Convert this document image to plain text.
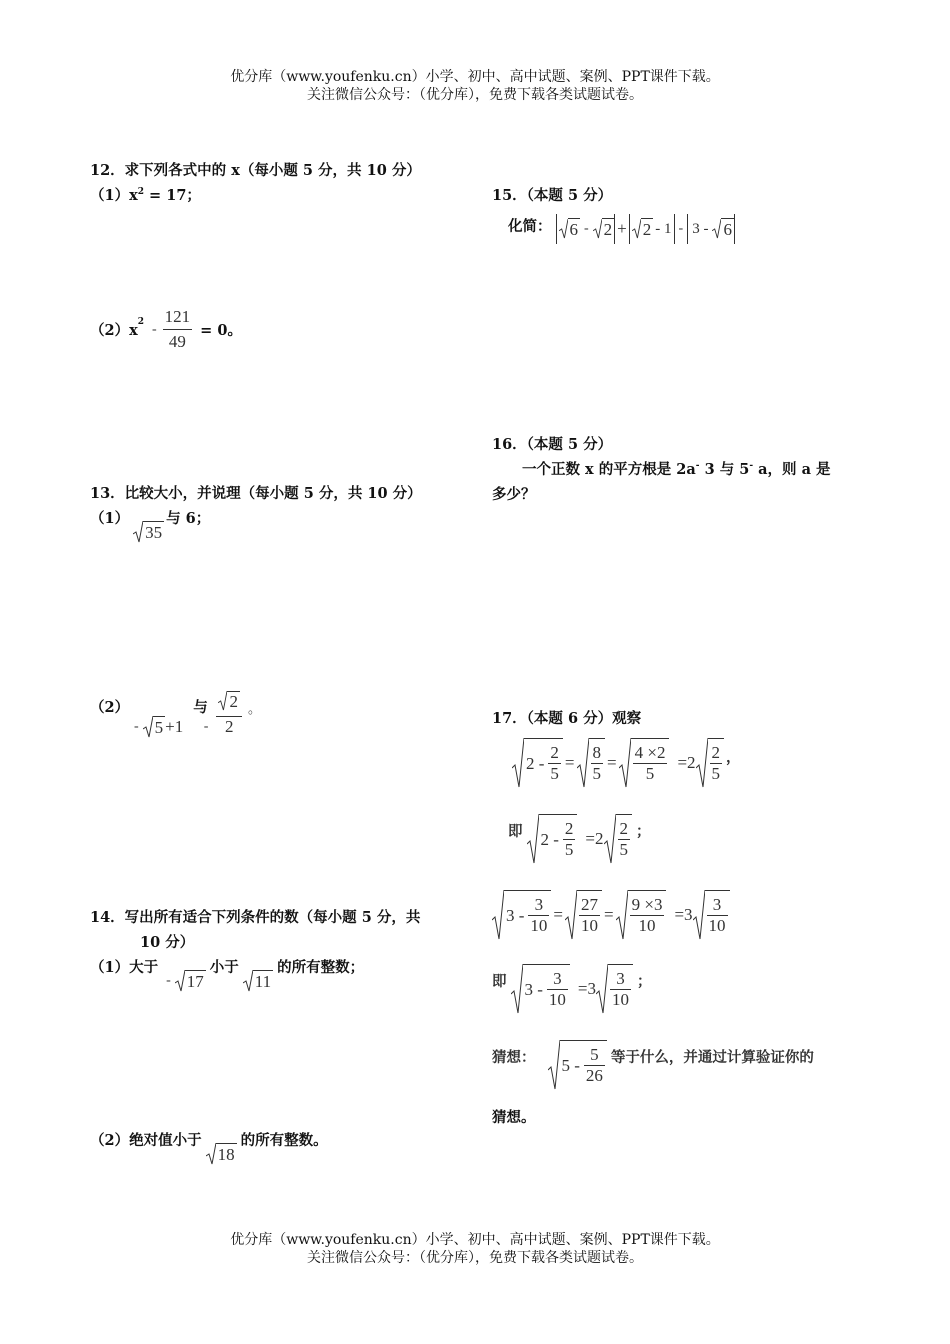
优分库（www.youfenku.cn）小学、初中、高中试题、案例、PPT课件下载。
关注微信公众号：（优分库），免费下载各类试题试卷。
12．求下列各式中的 x（每小题 5 分，共 10 分）
$(1)x^2 = 17$；
$(2)x^2 - \frac{121}{49} = 0$。
13．比较大小，并说理（每小题 5 分，共 10 分）
（1）
35
与 6；
（2）
- 5 +1
与
- $\frac{2}{2}$ 。
14．写出所有适合下列条件的数（每小题 5 分，共
10 分）
（1）大于
- 17
小于
11
的所有整数；
（2）绝对值小于
18
的所有整数。
15．（本题 5 分）
化简： 6 - 2 + 2 - 1 - 3 - 6
16．（本题 5 分）
一个正数 x 的平方根是 2a- 3 与 5- a，则 a 是
多少？
17．（本题 6 分）观察
$2 - \frac{2}{5} = \frac{8}{5} = \frac{4 \times 2}{5} =2 \frac{2}{5}$ ，
即 $2 - \frac{2}{5} =2 \frac{2}{5}$ ；
$3 - \frac{3}{10} = \frac{27}{10} = \frac{9 \times 3}{10} =3 \frac{3}{10}$
即 $3 - \frac{3}{10} =3 \frac{3}{10}$ ；
猜想： $5 - \frac{5}{26}$ 等于什么，并通过计算验证你的
猜想。
优分库（www.youfenku.cn）小学、初中、高中试题、案例、PPT课件下载。
关注微信公众号：（优分库），免费下载各类试题试卷。
